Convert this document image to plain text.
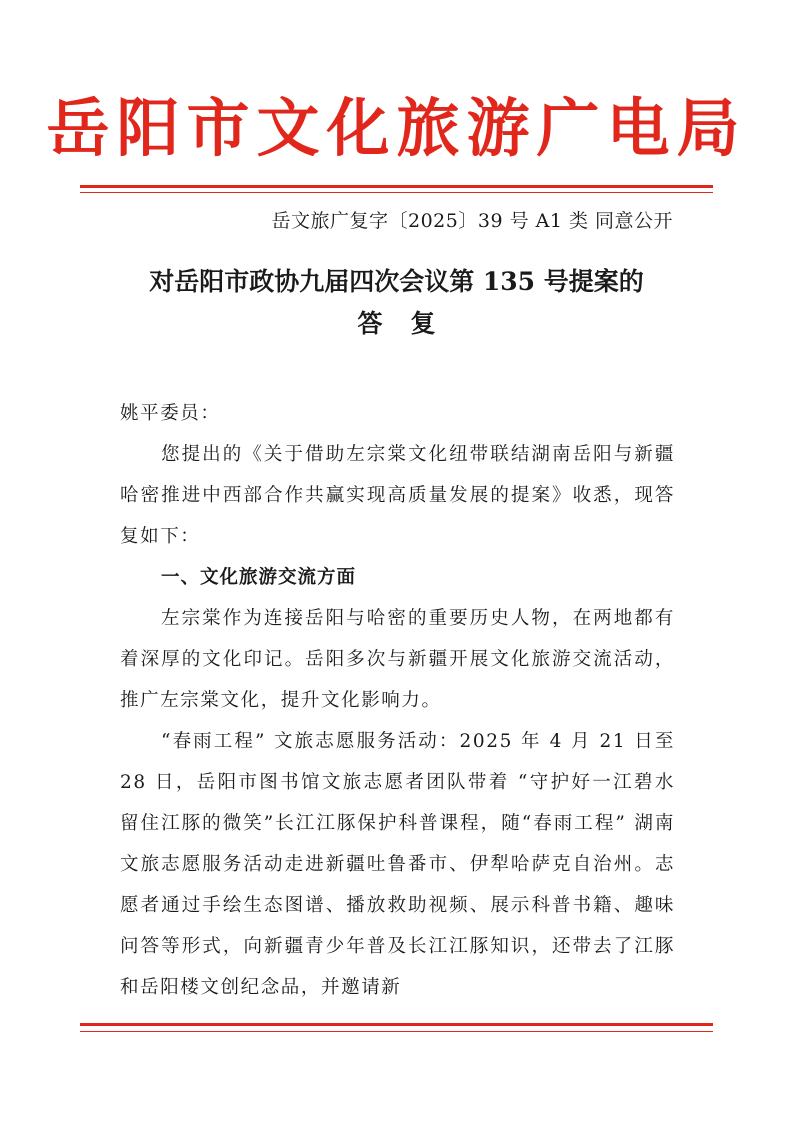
岳阳市文化旅游广电局
岳文旅广复字〔2025〕39 号 A1 类 同意公开
对岳阳市政协九届四次会议第 135 号提案的
答复
姚平委员：
您提出的《关于借助左宗棠文化纽带联结湖南岳阳与新疆哈密推进中西部合作共赢实现高质量发展的提案》收悉，现答复如下：
一、文化旅游交流方面
左宗棠作为连接岳阳与哈密的重要历史人物，在两地都有着深厚的文化印记。岳阳多次与新疆开展文化旅游交流活动，推广左宗棠文化，提升文化影响力。
“春雨工程” 文旅志愿服务活动：2025 年 4 月 21 日至 28 日，岳阳市图书馆文旅志愿者团队带着 “守护好一江碧水留住江豚的微笑”长江江豚保护科普课程，随“春雨工程” 湖南文旅志愿服务活动走进新疆吐鲁番市、伊犁哈萨克自治州。志愿者通过手绘生态图谱、播放救助视频、展示科普书籍、趣味问答等形式，向新疆青少年普及长江江豚知识，还带去了江豚和岳阳楼文创纪念品，并邀请新
